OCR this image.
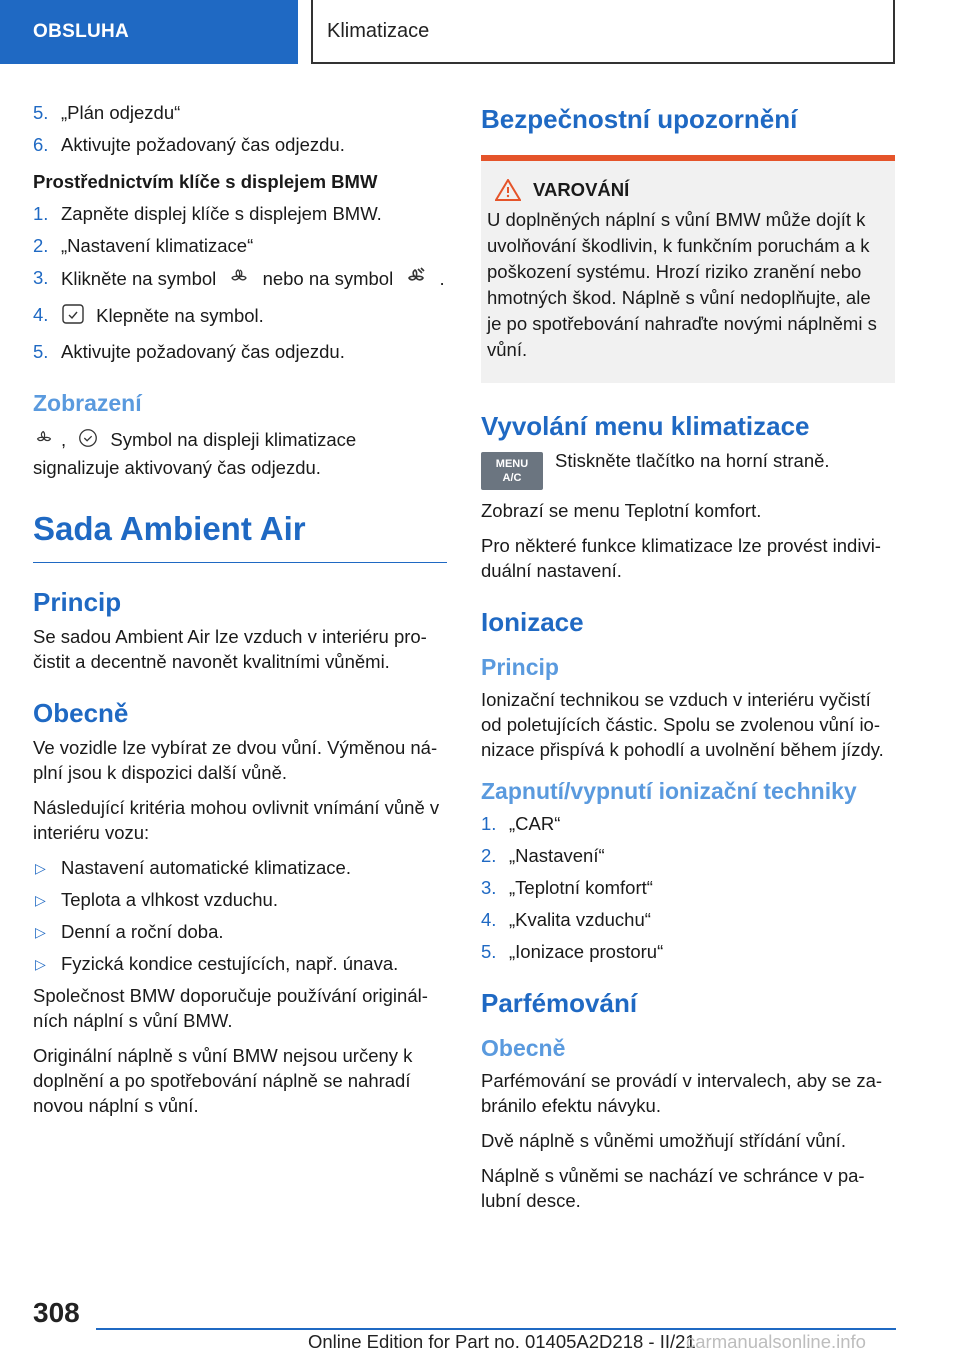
OBSLUHA	Klimatizace
5. „Plán odjezdu“
6. Aktivujte požadovaný čas odjezdu.
Prostřednictvím klíče s displejem BMW
1. Zapněte displej klíče s displejem BMW.
2. „Nastavení klimatizace“
3. Klikněte na symbol	nebo na symbol	.
4.	Klepněte na symbol.
5. Aktivujte požadovaný čas odjezdu.
Zobrazení

, Symbol na displeji klimatizace signalizuje aktivovaný čas odjezdu.

Sada Ambient Air
Princip

Se sadou Ambient Air lze vzduch v interiéru pro-čistit a decentně navonět kvalitními vůněmi.

Obecně

Ve vozidle lze vybírat ze dvou vůní. Výměnou ná-plní jsou k dispozici další vůně.

Následující kritéria mohou ovlivnit vnímání vůně v interiéru vozu:

▷ Nastavení automatické klimatizace.
▷ Teplota a vlhkost vzduchu.
▷ Denní a roční doba.
▷ Fyzická kondice cestujících, např. únava.

Společnost BMW doporučuje používání originál-ních náplní s vůní BMW.

Originální náplně s vůní BMW nejsou určeny k doplnění a po spotřebování náplně se nahradí novou náplní s vůní.

Bezpečnostní upozornění
VAROVÁNÍ

U doplněných náplní s vůní BMW může dojít k uvolňování škodlivin, k funkčním poruchám a k poškození systému. Hrozí riziko zranění nebo hmotných škod. Náplně s vůní nedoplňujte, ale je po spotřebování nahraďte novými náplněmi s vůní.

Vyvolání menu klimatizace
MENU
A/C

Stiskněte tlačítko na horní straně.

Zobrazí se menu Teplotní komfort.

Pro některé funkce klimatizace lze provést indivi-duální nastavení.

Ionizace
Princip

Ionizační technikou se vzduch v interiéru vyčistí od poletujících částic. Spolu se zvolenou vůní io-nizace přispívá k pohodlí a uvolnění během jízdy.

Zapnutí/vypnutí ionizační techniky
1. „CAR“
2. „Nastavení“
3. „Teplotní komfort“
4. „Kvalita vzduchu“
5. „Ionizace prostoru“
Parfémování
Obecně

Parfémování se provádí v intervalech, aby se za-bránilo efektu návyku.

Dvě náplně s vůněmi umožňují střídání vůní.

Náplně s vůněmi se nachází ve schránce v pa-lubní desce.

308
Online Edition for Part no. 01405A2D218 - II/21
carmanualsonline.info
